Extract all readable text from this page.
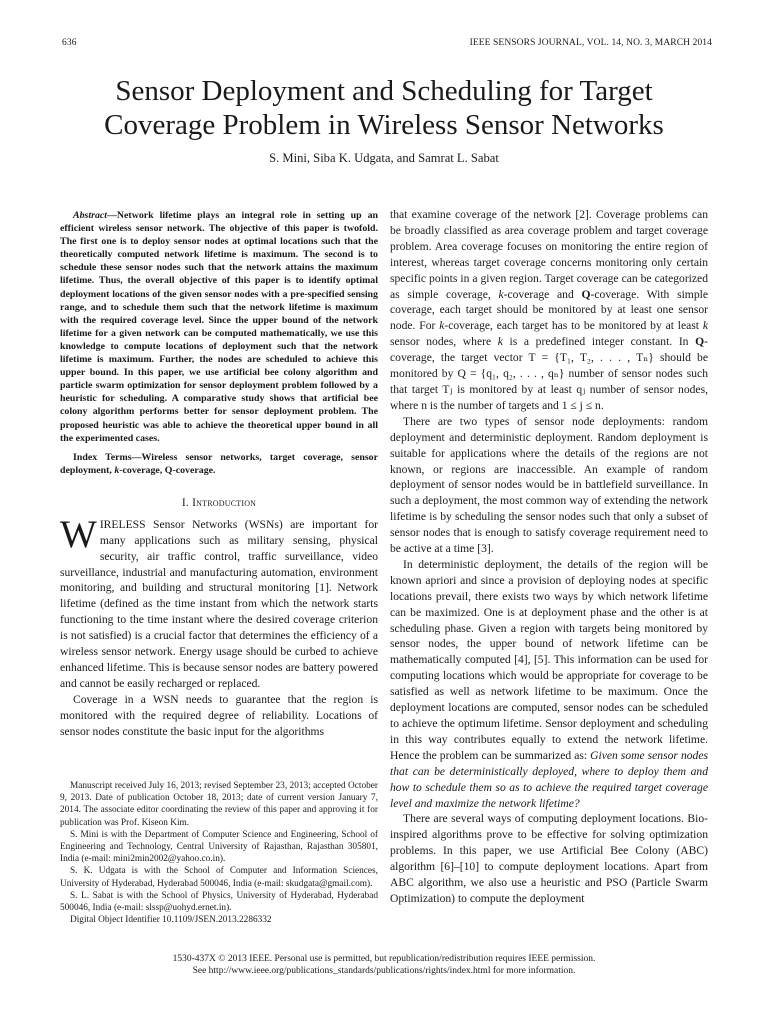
636	IEEE SENSORS JOURNAL, VOL. 14, NO. 3, MARCH 2014
Sensor Deployment and Scheduling for Target
Coverage Problem in Wireless Sensor Networks
S. Mini, Siba K. Udgata, and Samrat L. Sabat
Abstract—Network lifetime plays an integral role in setting up an efficient wireless sensor network. The objective of this paper is twofold. The first one is to deploy sensor nodes at optimal locations such that the theoretically computed network lifetime is maximum. The second is to schedule these sensor nodes such that the network attains the maximum lifetime. Thus, the overall objective of this paper is to identify optimal deployment locations of the given sensor nodes with a pre-specified sensing range, and to schedule them such that the network lifetime is maximum with the required coverage level. Since the upper bound of the network lifetime for a given network can be computed mathematically, we use this knowledge to compute locations of deployment such that the network lifetime is maximum. Further, the nodes are scheduled to achieve this upper bound. In this paper, we use artificial bee colony algorithm and particle swarm optimization for sensor deployment problem followed by a heuristic for scheduling. A comparative study shows that artificial bee colony algorithm performs better for sensor deployment problem. The proposed heuristic was able to achieve the theoretical upper bound in all the experimented cases.
Index Terms—Wireless sensor networks, target coverage, sensor deployment, k-coverage, Q-coverage.
I. Introduction

WIRELESS Sensor Networks (WSNs) are important for many applications such as military sensing, physical security, air traffic control, traffic surveillance, video surveillance, industrial and manufacturing automation, environment monitoring, and building and structural monitoring [1]. Network lifetime (defined as the time instant from which the network starts functioning to the time instant where the desired coverage criterion is not satisfied) is a crucial factor that determines the efficiency of a wireless sensor network. Energy usage should be curbed to achieve enhanced lifetime. This is because sensor nodes are battery powered and cannot be easily recharged or replaced.

Coverage in a WSN needs to guarantee that the region is monitored with the required degree of reliability. Locations of sensor nodes constitute the basic input for the algorithms

Manuscript received July 16, 2013; revised September 23, 2013; accepted October 9, 2013. Date of publication October 18, 2013; date of current version January 7, 2014. The associate editor coordinating the review of this paper and approving it for publication was Prof. Kiseon Kim.

S. Mini is with the Department of Computer Science and Engineering, School of Engineering and Technology, Central University of Rajasthan, Rajasthan 305801, India (e-mail: mini2min2002@yahoo.co.in).

S. K. Udgata is with the School of Computer and Information Sciences, University of Hyderabad, Hyderabad 500046, India (e-mail: skudgata@gmail.com).

S. L. Sabat is with the School of Physics, University of Hyderabad, Hyderabad 500046, India (e-mail: slssp@uohyd.ernet.in).

Digital Object Identifier 10.1109/JSEN.2013.2286332

that examine coverage of the network [2]. Coverage problems can be broadly classified as area coverage problem and target coverage problem. Area coverage focuses on monitoring the entire region of interest, whereas target coverage concerns monitoring only certain specific points in a given region. Target coverage can be categorized as simple coverage, k-coverage and Q-coverage. With simple coverage, each target should be monitored by at least one sensor node. For k-coverage, each target has to be monitored by at least k sensor nodes, where k is a predefined integer constant. In Q-coverage, the target vector T = {T₁, T₂, . . . , Tₙ} should be monitored by Q = {q₁, q₂, . . . , qₙ} number of sensor nodes such that target Tⱼ is monitored by at least qⱼ number of sensor nodes, where n is the number of targets and 1 ≤ j ≤ n.

There are two types of sensor node deployments: random deployment and deterministic deployment. Random deployment is suitable for applications where the details of the regions are not known, or regions are inaccessible. An example of random deployment of sensor nodes would be in battlefield surveillance. In such a deployment, the most common way of extending the network lifetime is by scheduling the sensor nodes such that only a subset of sensor nodes that is enough to satisfy coverage requirement need to be active at a time [3].

In deterministic deployment, the details of the region will be known apriori and since a provision of deploying nodes at specific locations prevail, there exists two ways by which network lifetime can be maximized. One is at deployment phase and the other is at scheduling phase. Given a region with targets being monitored by sensor nodes, the upper bound of network lifetime can be mathematically computed [4], [5]. This information can be used for computing locations which would be appropriate for coverage to be satisfied as well as network lifetime to be maximum. Once the deployment locations are computed, sensor nodes can be scheduled to achieve the optimum lifetime. Sensor deployment and scheduling in this way contributes equally to extend the network lifetime. Hence the problem can be summarized as: Given some sensor nodes that can be deterministically deployed, where to deploy them and how to schedule them so as to achieve the required target coverage level and maximize the network lifetime?

There are several ways of computing deployment locations. Bio-inspired algorithms prove to be effective for solving optimization problems. In this paper, we use Artificial Bee Colony (ABC) algorithm [6]–[10] to compute deployment locations. Apart from ABC algorithm, we also use a heuristic and PSO (Particle Swarm Optimization) to compute the deployment

1530-437X © 2013 IEEE. Personal use is permitted, but republication/redistribution requires IEEE permission.
See http://www.ieee.org/publications_standards/publications/rights/index.html for more information.
